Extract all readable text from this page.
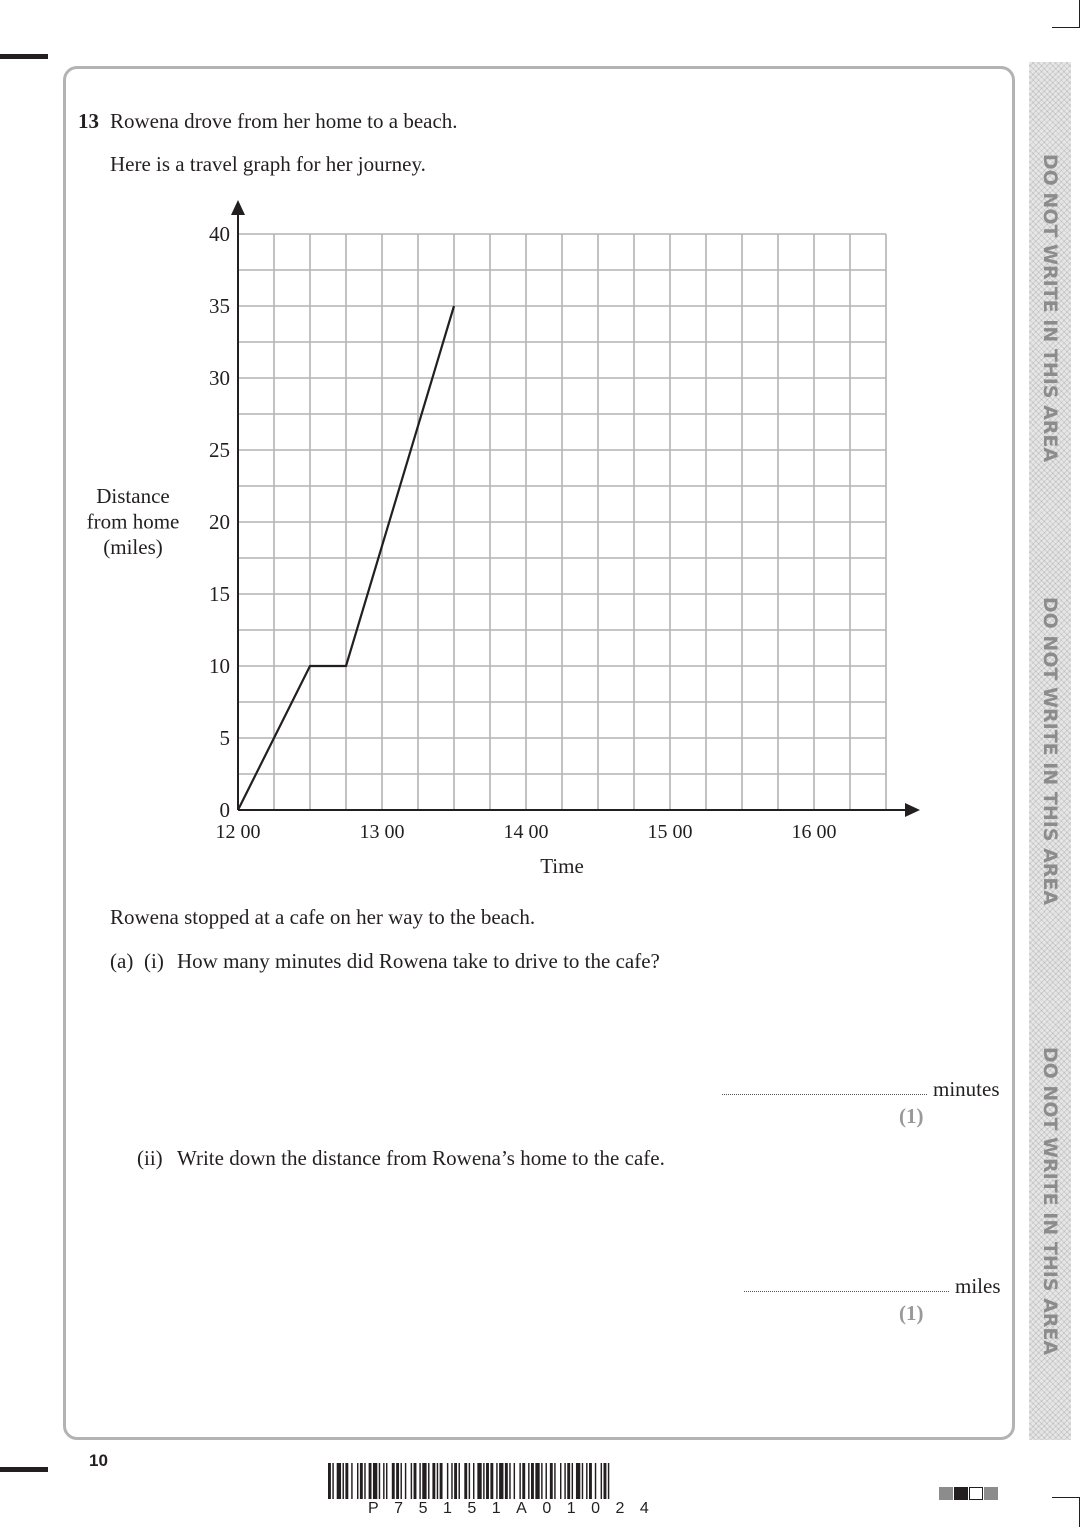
DO NOT WRITE IN THIS AREA
DO NOT WRITE IN THIS AREA
DO NOT WRITE IN THIS AREA
13 Rowena drove from her home to a beach.
Here is a travel graph for her journey.
0
5
10
15
20
25
30
35
40
12 00	13 00	14 00	15 00	16 00
Distance
from home
(miles)
Time
Rowena stopped at a cafe on her way to the beach.
(a) (i) How many minutes did Rowena take to drive to the cafe?
minutes
(1)
(ii) Write down the distance from Rowena’s home to the cafe.
miles
(1)
10
P75151A01024
